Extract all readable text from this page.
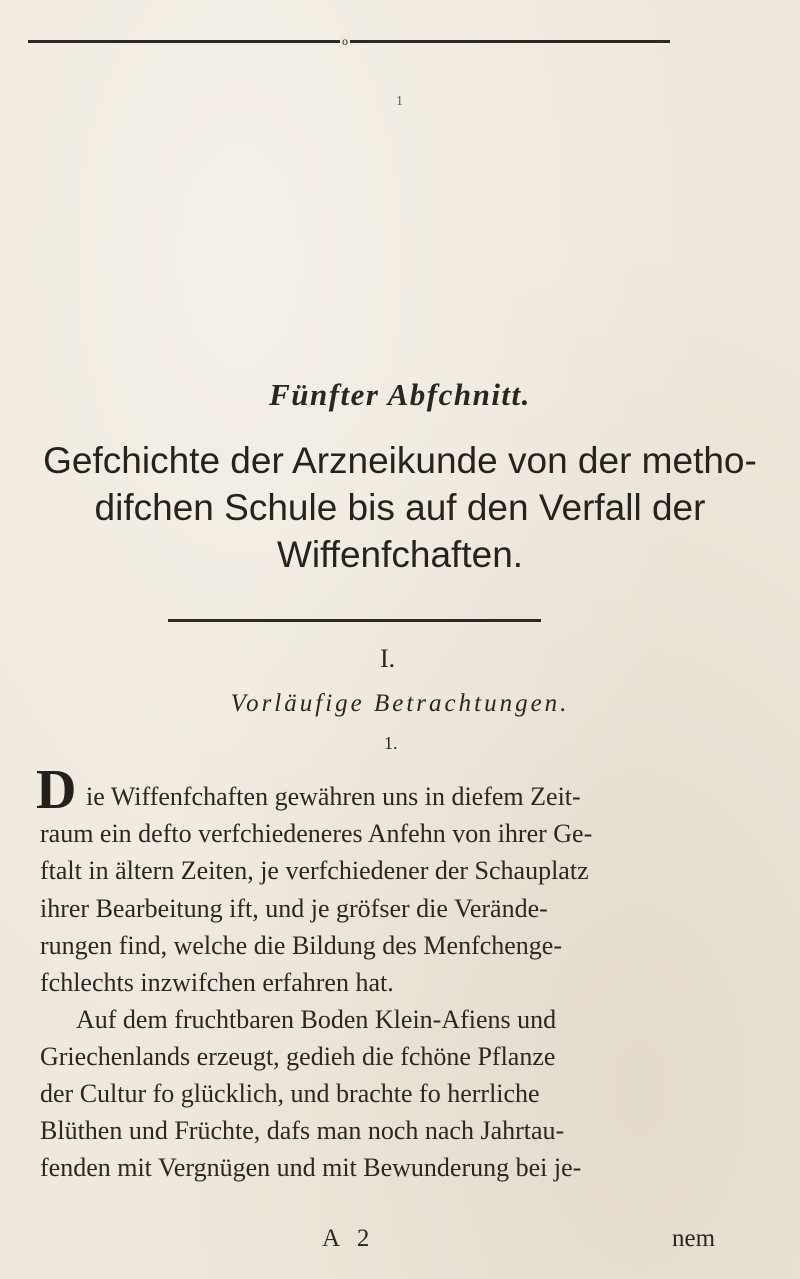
o
1
Fünfter Abfchnitt.
Gefchichte der Arzneikunde von der metho-
difchen Schule bis auf den Verfall der
Wiffenfchaften.
I.
Vorläufige Betrachtungen.
1.
D ie Wiffenfchaften gewähren uns in diefem Zeit-
raum ein defto verfchiedeneres Anfehn von ihrer Ge-
ftalt in ältern Zeiten, je verfchiedener der Schauplatz
ihrer Bearbeitung ift, und je gröfser die Verände-
rungen find, welche die Bildung des Menfchenge-
fchlechts inzwifchen erfahren hat.
Auf dem fruchtbaren Boden Klein-Afiens und
Griechenlands erzeugt, gedieh die fchöne Pflanze
der Cultur fo glücklich, und brachte fo herrliche
Blüthen und Früchte, dafs man noch nach Jahrtau-
fenden mit Vergnügen und mit Bewunderung bei je-
A 2	nem
